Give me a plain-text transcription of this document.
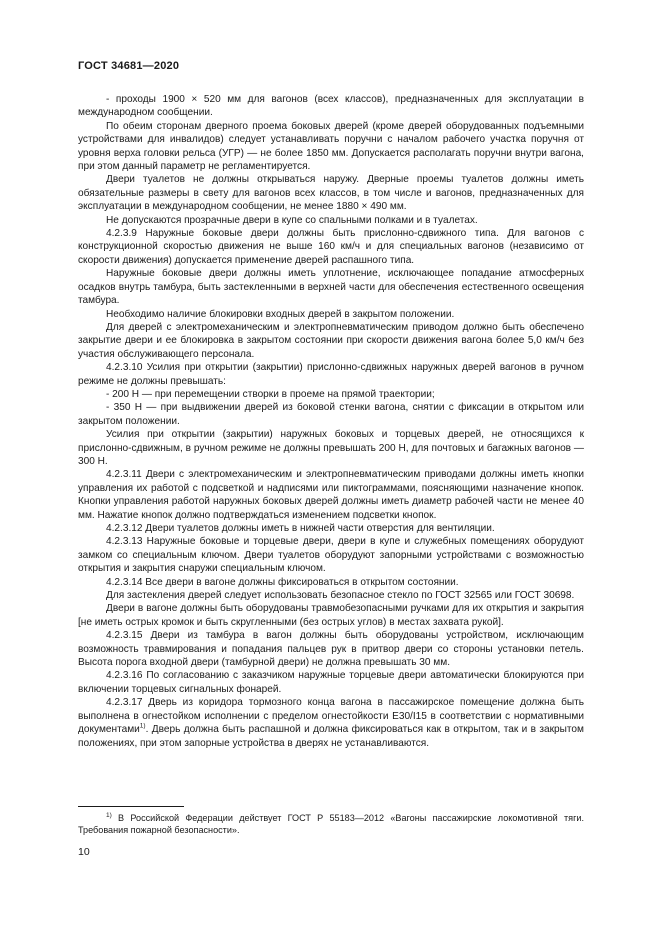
ГОСТ 34681—2020

- проходы 1900 × 520 мм для вагонов (всех классов), предназначенных для эксплуатации в международном сообщении.

По обеим сторонам дверного проема боковых дверей (кроме дверей оборудованных подъемными устройствами для инвалидов) следует устанавливать поручни с началом рабочего участка поручня от уровня верха головки рельса (УГР) — не более 1850 мм. Допускается располагать поручни внутри вагона, при этом данный параметр не регламентируется.

Двери туалетов не должны открываться наружу. Дверные проемы туалетов должны иметь обязательные размеры в свету для вагонов всех классов, в том числе и вагонов, предназначенных для эксплуатации в международном сообщении, не менее 1880 × 490 мм.

Не допускаются прозрачные двери в купе со спальными полками и в туалетах.

4.2.3.9 Наружные боковые двери должны быть прислонно-сдвижного типа. Для вагонов с конструкционной скоростью движения не выше 160 км/ч и для специальных вагонов (независимо от скорости движения) допускается применение дверей распашного типа.

Наружные боковые двери должны иметь уплотнение, исключающее попадание атмосферных осадков внутрь тамбура, быть застекленными в верхней части для обеспечения естественного освещения тамбура.

Необходимо наличие блокировки входных дверей в закрытом положении.

Для дверей с электромеханическим и электропневматическим приводом должно быть обеспечено закрытие двери и ее блокировка в закрытом состоянии при скорости движения вагона более 5,0 км/ч без участия обслуживающего персонала.

4.2.3.10 Усилия при открытии (закрытии) прислонно-сдвижных наружных дверей вагонов в ручном режиме не должны превышать:

- 200 Н — при перемещении створки в проеме на прямой траектории;

- 350 Н — при выдвижении дверей из боковой стенки вагона, снятии с фиксации в открытом или закрытом положении.

Усилия при открытии (закрытии) наружных боковых и торцевых дверей, не относящихся к прислонно-сдвижным, в ручном режиме не должны превышать 200 Н, для почтовых и багажных вагонов — 300 Н.

4.2.3.11 Двери с электромеханическим и электропневматическим приводами должны иметь кнопки управления их работой с подсветкой и надписями или пиктограммами, поясняющими назначение кнопок. Кнопки управления работой наружных боковых дверей должны иметь диаметр рабочей части не менее 40 мм. Нажатие кнопок должно подтверждаться изменением подсветки кнопок.

4.2.3.12 Двери туалетов должны иметь в нижней части отверстия для вентиляции.

4.2.3.13 Наружные боковые и торцевые двери, двери в купе и служебных помещениях оборудуют замком со специальным ключом. Двери туалетов оборудуют запорными устройствами с возможностью открытия и закрытия снаружи специальным ключом.

4.2.3.14 Все двери в вагоне должны фиксироваться в открытом состоянии.

Для застекления дверей следует использовать безопасное стекло по ГОСТ 32565 или ГОСТ 30698.

Двери в вагоне должны быть оборудованы травмобезопасными ручками для их открытия и закрытия [не иметь острых кромок и быть скругленными (без острых углов) в местах захвата рукой].

4.2.3.15 Двери из тамбура в вагон должны быть оборудованы устройством, исключающим возможность травмирования и попадания пальцев рук в притвор двери со стороны установки петель. Высота порога входной двери (тамбурной двери) не должна превышать 30 мм.

4.2.3.16 По согласованию с заказчиком наружные торцевые двери автоматически блокируются при включении торцевых сигнальных фонарей.

4.2.3.17 Дверь из коридора тормозного конца вагона в пассажирское помещение должна быть выполнена в огнестойком исполнении с пределом огнестойкости Е30/I15 в соответствии с нормативными документами$^{1)}$. Дверь должна быть распашной и должна фиксироваться как в открытом, так и в закрытом положениях, при этом запорные устройства в дверях не устанавливаются.

$^{1)}$ В Российской Федерации действует ГОСТ Р 55183—2012 «Вагоны пассажирские локомотивной тяги. Требования пожарной безопасности».
10
